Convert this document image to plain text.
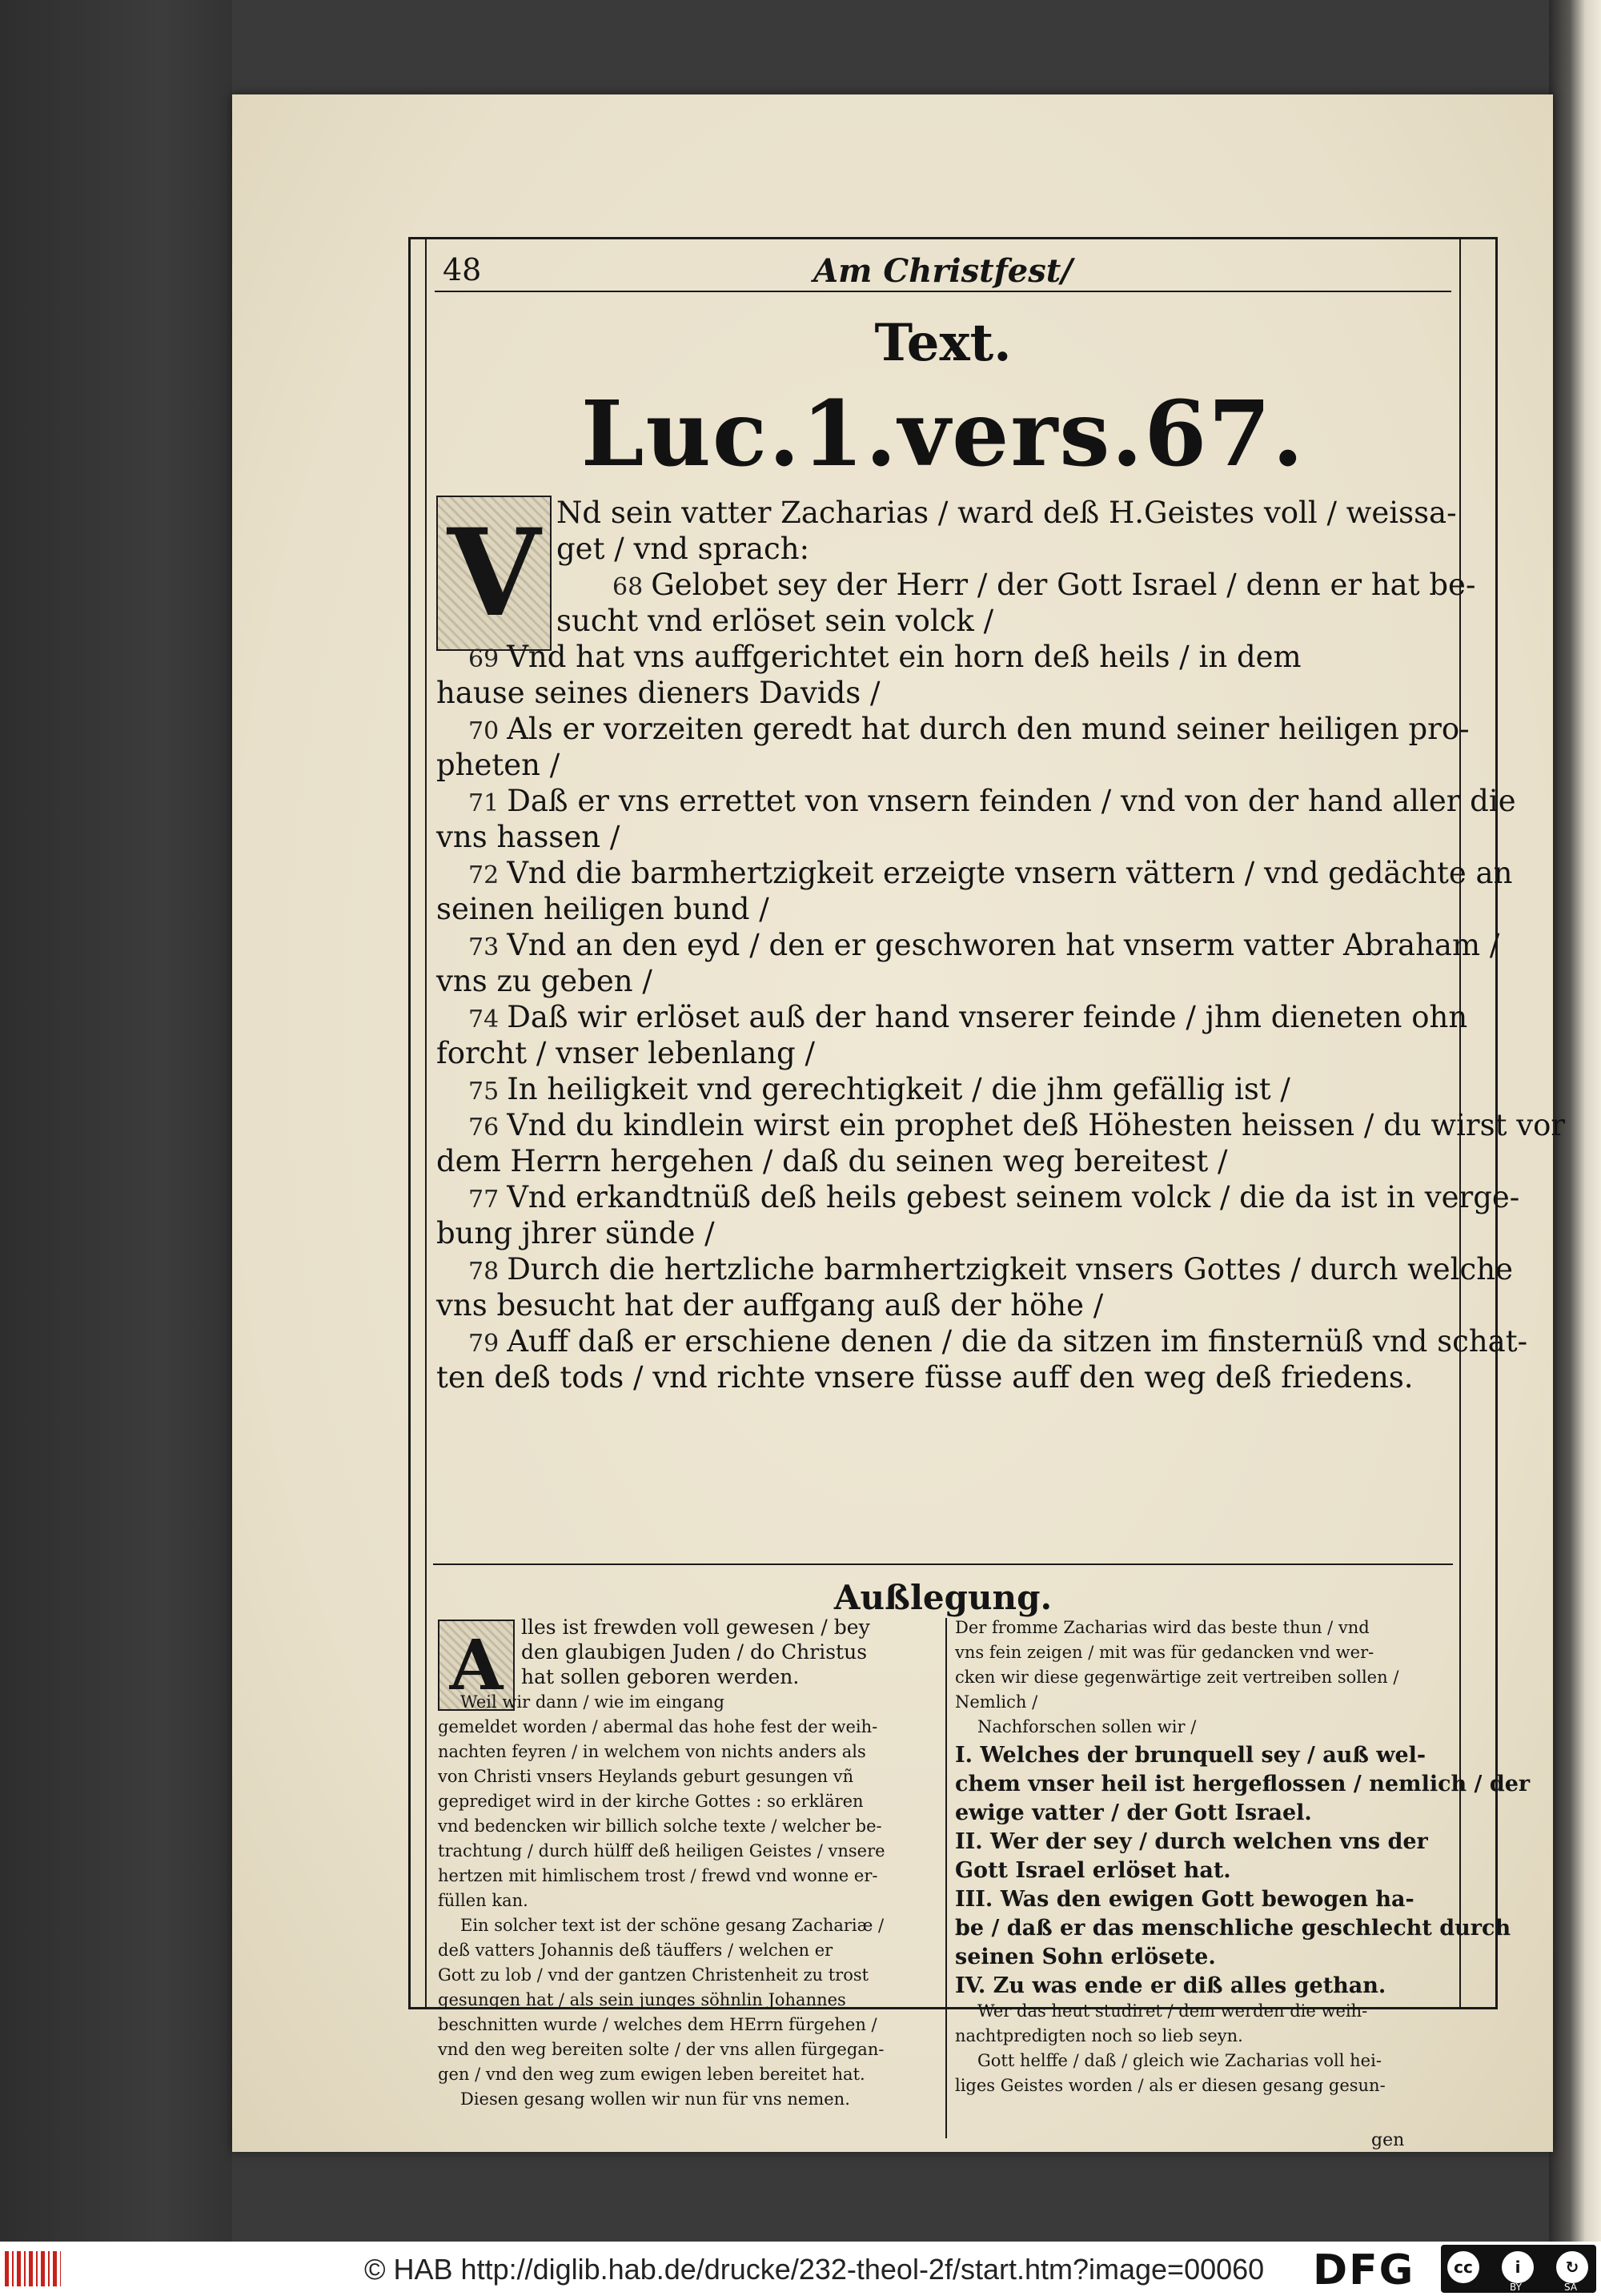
48	Am Christfest/
Text.
Luc.1.vers.67.
V Nd sein vatter Zacharias / ward deß H.Geistes voll / weissa-
get / vnd sprach:
68 Gelobet sey der Herr / der Gott Israel / denn er hat be-
sucht vnd erlöset sein volck /
69 Vnd hat vns auffgerichtet ein horn deß heils / in dem
hause seines dieners Davids /
70 Als er vorzeiten geredt hat durch den mund seiner heiligen pro-
pheten /
71 Daß er vns errettet von vnsern feinden / vnd von der hand aller die
vns hassen /
72 Vnd die barmhertzigkeit erzeigte vnsern vättern / vnd gedächte an
seinen heiligen bund /
73 Vnd an den eyd / den er geschworen hat vnserm vatter Abraham /
vns zu geben /
74 Daß wir erlöset auß der hand vnserer feinde / jhm dieneten ohn
forcht / vnser lebenlang /
75 In heiligkeit vnd gerechtigkeit / die jhm gefällig ist /
76 Vnd du kindlein wirst ein prophet deß Höhesten heissen / du wirst vor
dem Herrn hergehen / daß du seinen weg bereitest /
77 Vnd erkandtnüß deß heils gebest seinem volck / die da ist in verge-
bung jhrer sünde /
78 Durch die hertzliche barmhertzigkeit vnsers Gottes / durch welche
vns besucht hat der auffgang auß der höhe /
79 Auff daß er erschiene denen / die da sitzen im finsternüß vnd schat-
ten deß tods / vnd richte vnsere füsse auff den weg deß friedens.
Außlegung.
A lles ist frewden voll gewesen / bey
den glaubigen Juden / do Christus
hat sollen geboren werden.
Weil wir dann / wie im eingang
gemeldet worden / abermal das hohe fest der weih-
nachten feyren / in welchem von nichts anders als
von Christi vnsers Heylands geburt gesungen vñ
geprediget wird in der kirche Gottes : so erklären
vnd bedencken wir billich solche texte / welcher be-
trachtung / durch hülff deß heiligen Geistes / vnsere
hertzen mit himlischem trost / frewd vnd wonne er-
füllen kan.
Ein solcher text ist der schöne gesang Zachariæ /
deß vatters Johannis deß täuffers / welchen er
Gott zu lob / vnd der gantzen Christenheit zu trost
gesungen hat / als sein junges söhnlin Johannes
beschnitten wurde / welches dem HErrn fürgehen /
vnd den weg bereiten solte / der vns allen fürgegan-
gen / vnd den weg zum ewigen leben bereitet hat.
Diesen gesang wollen wir nun für vns nemen.
Der fromme Zacharias wird das beste thun / vnd
vns fein zeigen / mit was für gedancken vnd wer-
cken wir diese gegenwärtige zeit vertreiben sollen /
Nemlich /
Nachforschen sollen wir /
I. Welches der brunquell sey / auß wel-
chem vnser heil ist hergeflossen / nemlich / der
ewige vatter / der Gott Israel.
II. Wer der sey / durch welchen vns der
Gott Israel erlöset hat.
III. Was den ewigen Gott bewogen ha-
be / daß er das menschliche geschlecht durch
seinen Sohn erlösete.
IV. Zu was ende er diß alles gethan.
Wer das heut studiret / dem werden die weih-
nachtpredigten noch so lieb seyn.
Gott helffe / daß / gleich wie Zacharias voll hei-
liges Geistes worden / als er diesen gesang gesun-
gen
© HAB http://diglib.hab.de/drucke/232-theol-2f/start.htm?image=00060 DFG	cc	i	↻
BY	SA
